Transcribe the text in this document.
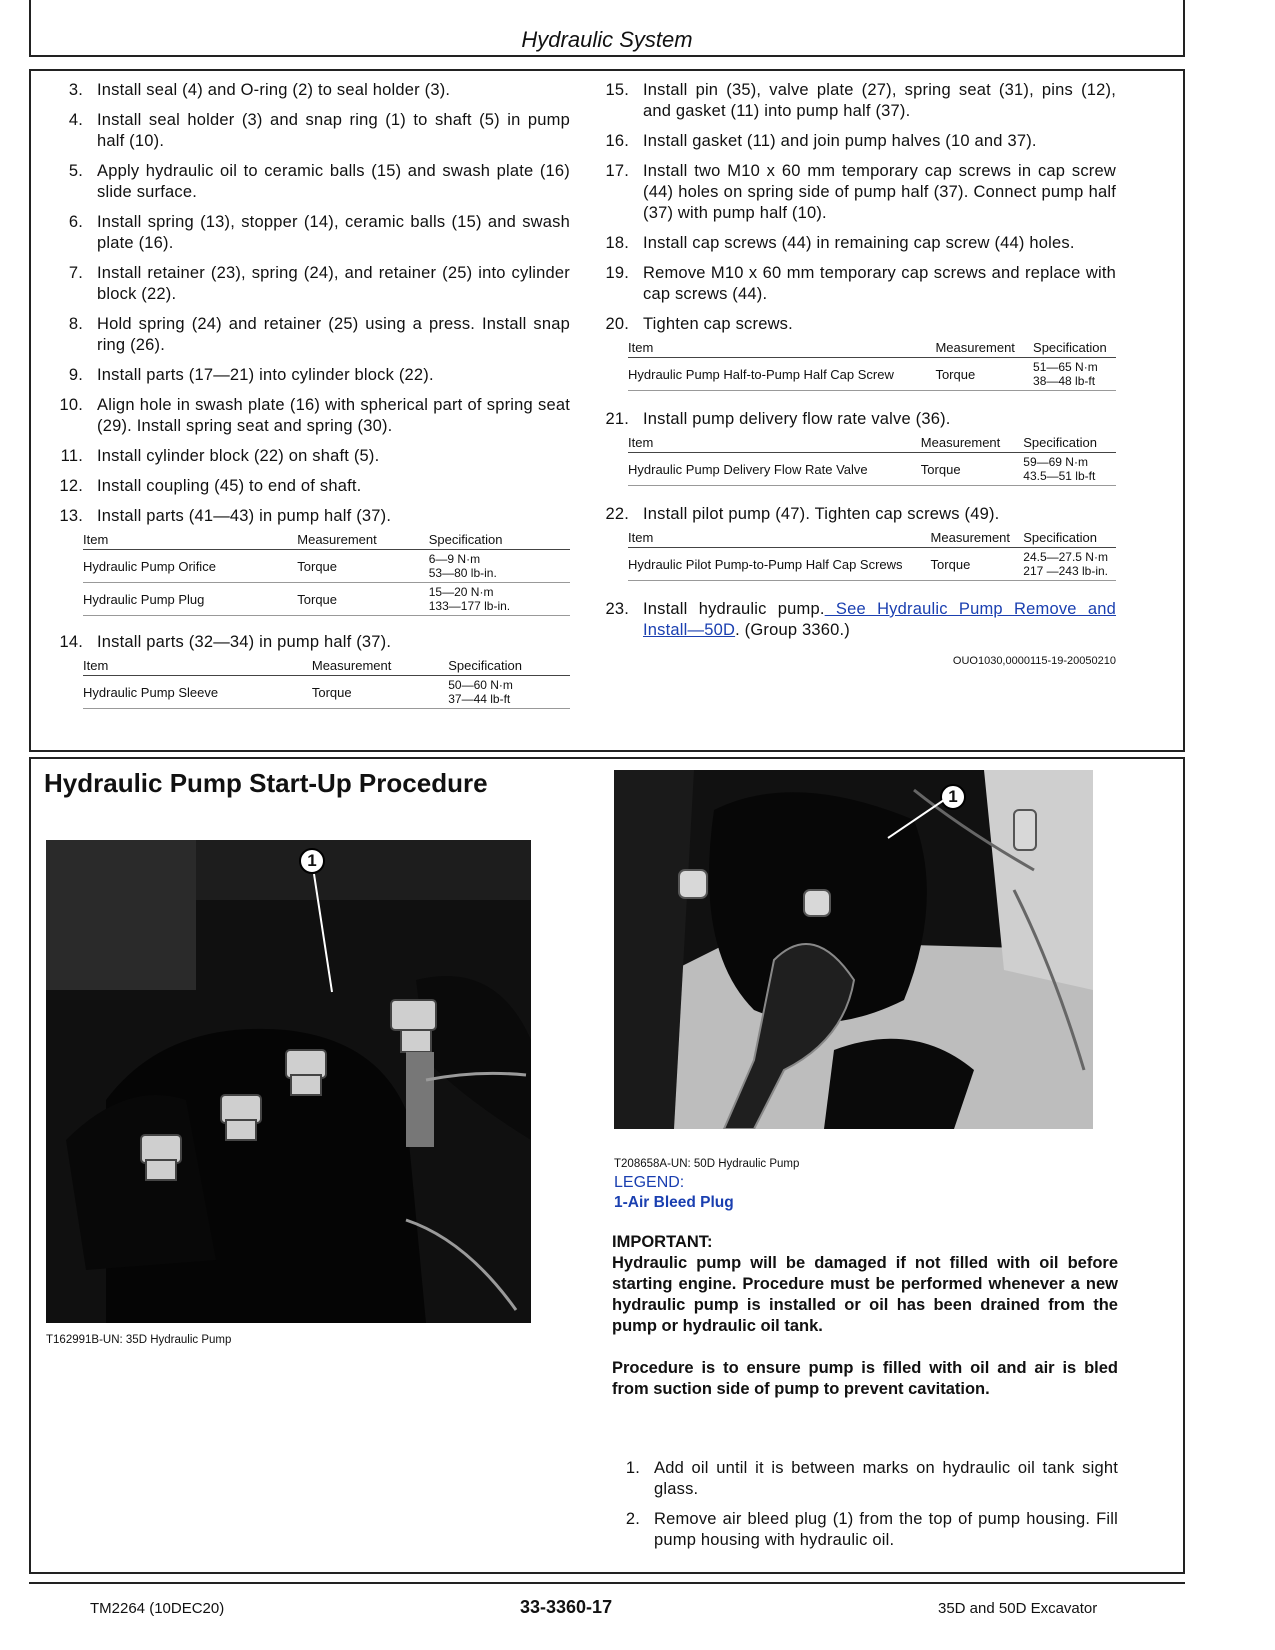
Hydraulic System
3. Install seal (4) and O-ring (2) to seal holder (3).
4. Install seal holder (3) and snap ring (1) to shaft (5) in pump half (10).
5. Apply hydraulic oil to ceramic balls (15) and swash plate (16) slide surface.
6. Install spring (13), stopper (14), ceramic balls (15) and swash plate (16).
7. Install retainer (23), spring (24), and retainer (25) into cylinder block (22).
8. Hold spring (24) and retainer (25) using a press. Install snap ring (26).
9. Install parts (17—21) into cylinder block (22).
10. Align hole in swash plate (16) with spherical part of spring seat (29). Install spring seat and spring (30).
11. Install cylinder block (22) on shaft (5).
12. Install coupling (45) to end of shaft.
13. Install parts (41—43) in pump half (37).
Item	Measurement	Specification
Hydraulic Pump Orifice	Torque	6—9 N·m
53—80 lb-in.

Hydraulic Pump Plug	Torque	15—20 N·m
133—177 lb-in.
14. Install parts (32—34) in pump half (37).
Item	Measurement	Specification
Hydraulic Pump Sleeve	Torque	50—60 N·m
37—44 lb-ft
15. Install pin (35), valve plate (27), spring seat (31), pins (12), and gasket (11) into pump half (37).
16. Install gasket (11) and join pump halves (10 and 37).
17. Install two M10 x 60 mm temporary cap screws in cap screw (44) holes on spring side of pump half (37). Connect pump half (37) with pump half (10).
18. Install cap screws (44) in remaining cap screw (44) holes.
19. Remove M10 x 60 mm temporary cap screws and replace with cap screws (44).
20. Tighten cap screws.
Item	Measurement	Specification
Hydraulic Pump Half-to-Pump Half Cap Screw	Torque	51—65 N·m
38—48 lb-ft
21. Install pump delivery flow rate valve (36).
Item	Measurement	Specification
Hydraulic Pump Delivery Flow Rate Valve	Torque	59—69 N·m
43.5—51 lb-ft
22. Install pilot pump (47). Tighten cap screws (49).
Item	Measurement	Specification
Hydraulic Pilot Pump-to-Pump Half Cap Screws	Torque	24.5—27.5 N·m
217 —243 lb-in.
23. Install hydraulic pump. See Hydraulic Pump Remove and Install—50D. (Group 3360.)
OUO1030,0000115-19-20050210
Hydraulic Pump Start-Up Procedure
1
T162991B-UN: 35D Hydraulic Pump
1
T208658A-UN: 50D Hydraulic Pump
LEGEND:
1-Air Bleed Plug
IMPORTANT:
Hydraulic pump will be damaged if not filled with oil before starting engine. Procedure must be performed whenever a new hydraulic pump is installed or oil has been drained from the pump or hydraulic oil tank.
Procedure is to ensure pump is filled with oil and air is bled from suction side of pump to prevent cavitation.
1. Add oil until it is between marks on hydraulic oil tank sight glass.
2. Remove air bleed plug (1) from the top of pump housing. Fill pump housing with hydraulic oil.
TM2264 (10DEC20)	33-3360-17	35D and 50D Excavator
